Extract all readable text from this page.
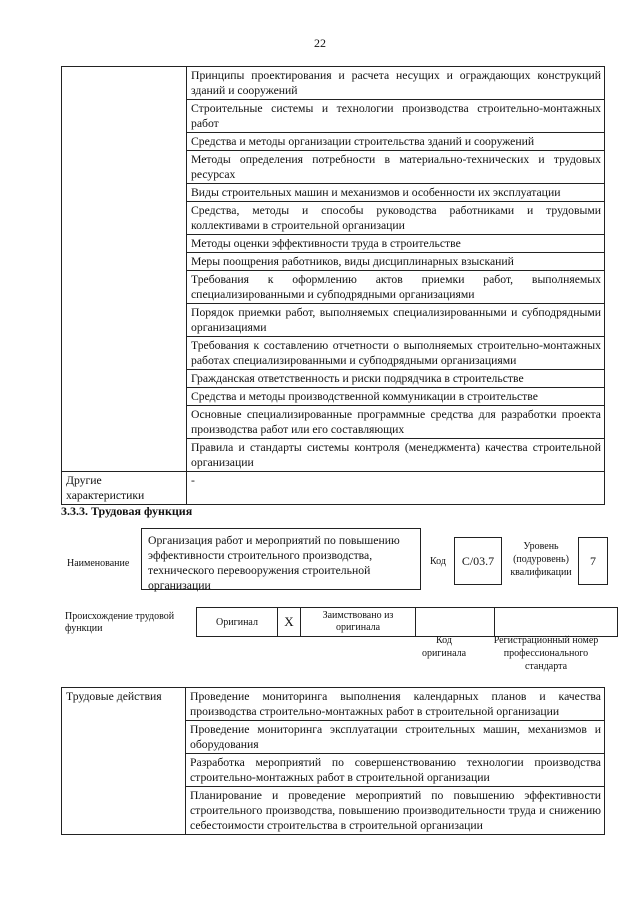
22
	Принципы проектирования и расчета несущих и ограждающих конструкций зданий и сооружений
	Строительные системы и технологии производства строительно-монтажных работ
	Средства и методы организации строительства зданий и сооружений
	Методы определения потребности в материально-технических и трудовых ресурсах
	Виды строительных машин и механизмов и особенности их эксплуатации
	Средства, методы и способы руководства работниками и трудовыми коллективами в строительной организации
	Методы оценки эффективности труда в строительстве
	Меры поощрения работников, виды дисциплинарных взысканий
	Требования к оформлению актов приемки работ, выполняемых специализированными и субподрядными организациями
	Порядок приемки работ, выполняемых специализированными и субподрядными организациями
	Требования к составлению отчетности о выполняемых строительно-монтажных работах специализированными и субподрядными организациями
	Гражданская ответственность и риски подрядчика в строительстве
	Средства и методы производственной коммуникации в строительстве
	Основные специализированные программные средства для разработки проекта производства работ или его составляющих
	Правила и стандарты системы контроля (менеджмента) качества строительной организации
Другие характеристики	-
3.3.3. Трудовая функция
Наименование
Организация работ и мероприятий по повышению эффективности строительного производства, технического перевооружения строительной организации
Код	C/03.7
Уровень (подуровень) квалификации
7
Происхождение трудовой функции
Оригинал	X	Заимствовано из оригинала		
Код оригинала
Регистрационный номер профессионального стандарта
Трудовые действия	Проведение мониторинга выполнения календарных планов и качества производства строительно-монтажных работ в строительной организации
Проведение мониторинга эксплуатации строительных машин, механизмов и оборудования
Разработка мероприятий по совершенствованию технологии производства строительно-монтажных работ в строительной организации
Планирование и проведение мероприятий по повышению эффективности строительного производства, повышению производительности труда и снижению себестоимости строительства в строительной организации
